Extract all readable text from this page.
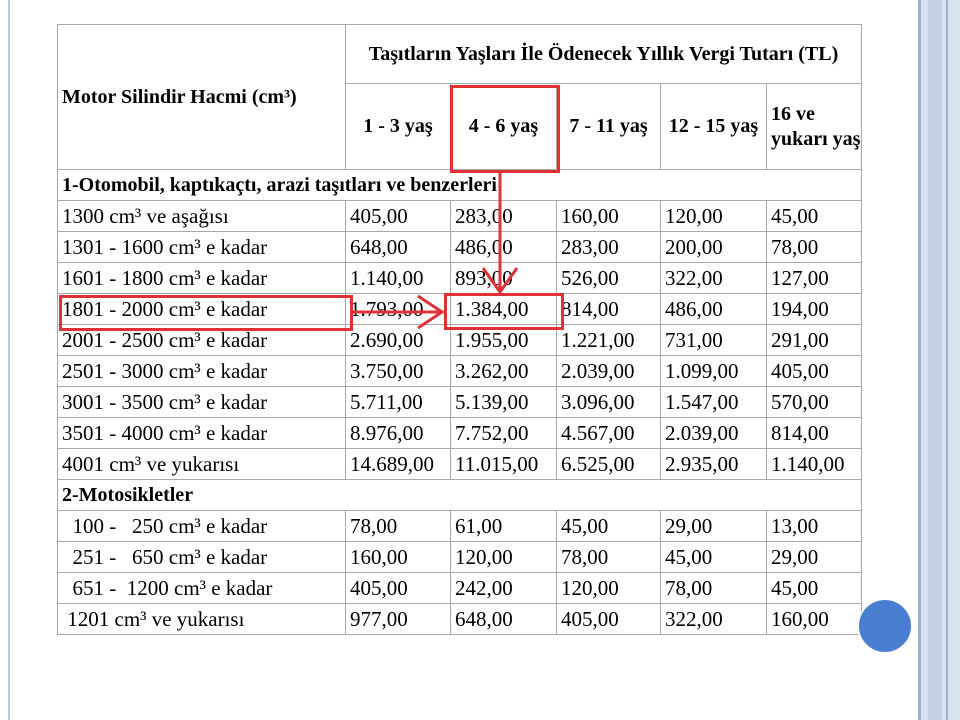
Motor Silindir Hacmi (cm³)	Taşıtların Yaşları İle Ödenecek Yıllık Vergi Tutarı (TL)				
	1 - 3 yaş	4 - 6 yaş	7 - 11 yaş	12 - 15 yaş	16 ve yukarı yaş
1-Otomobil, kaptıkaçtı, arazi taşıtları ve benzerleri					
1300 cm³ ve aşağısı	405,00	283,00	160,00	120,00	45,00
1301 - 1600 cm³ e kadar	648,00	486,00	283,00	200,00	78,00
1601 - 1800 cm³ e kadar	1.140,00	893,00	526,00	322,00	127,00
1801 - 2000 cm³ e kadar	1.793,00	1.384,00	814,00	486,00	194,00
2001 - 2500 cm³ e kadar	2.690,00	1.955,00	1.221,00	731,00	291,00
2501 - 3000 cm³ e kadar	3.750,00	3.262,00	2.039,00	1.099,00	405,00
3001 - 3500 cm³ e kadar	5.711,00	5.139,00	3.096,00	1.547,00	570,00
3501 - 4000 cm³ e kadar	8.976,00	7.752,00	4.567,00	2.039,00	814,00
4001 cm³ ve yukarısı	14.689,00	11.015,00	6.525,00	2.935,00	1.140,00
2-Motosikletler					
100 -   250 cm³ e kadar	78,00	61,00	45,00	29,00	13,00
251 -   650 cm³ e kadar	160,00	120,00	78,00	45,00	29,00
651 -  1200 cm³ e kadar	405,00	242,00	120,00	78,00	45,00
1201 cm³ ve yukarısı	977,00	648,00	405,00	322,00	160,00
